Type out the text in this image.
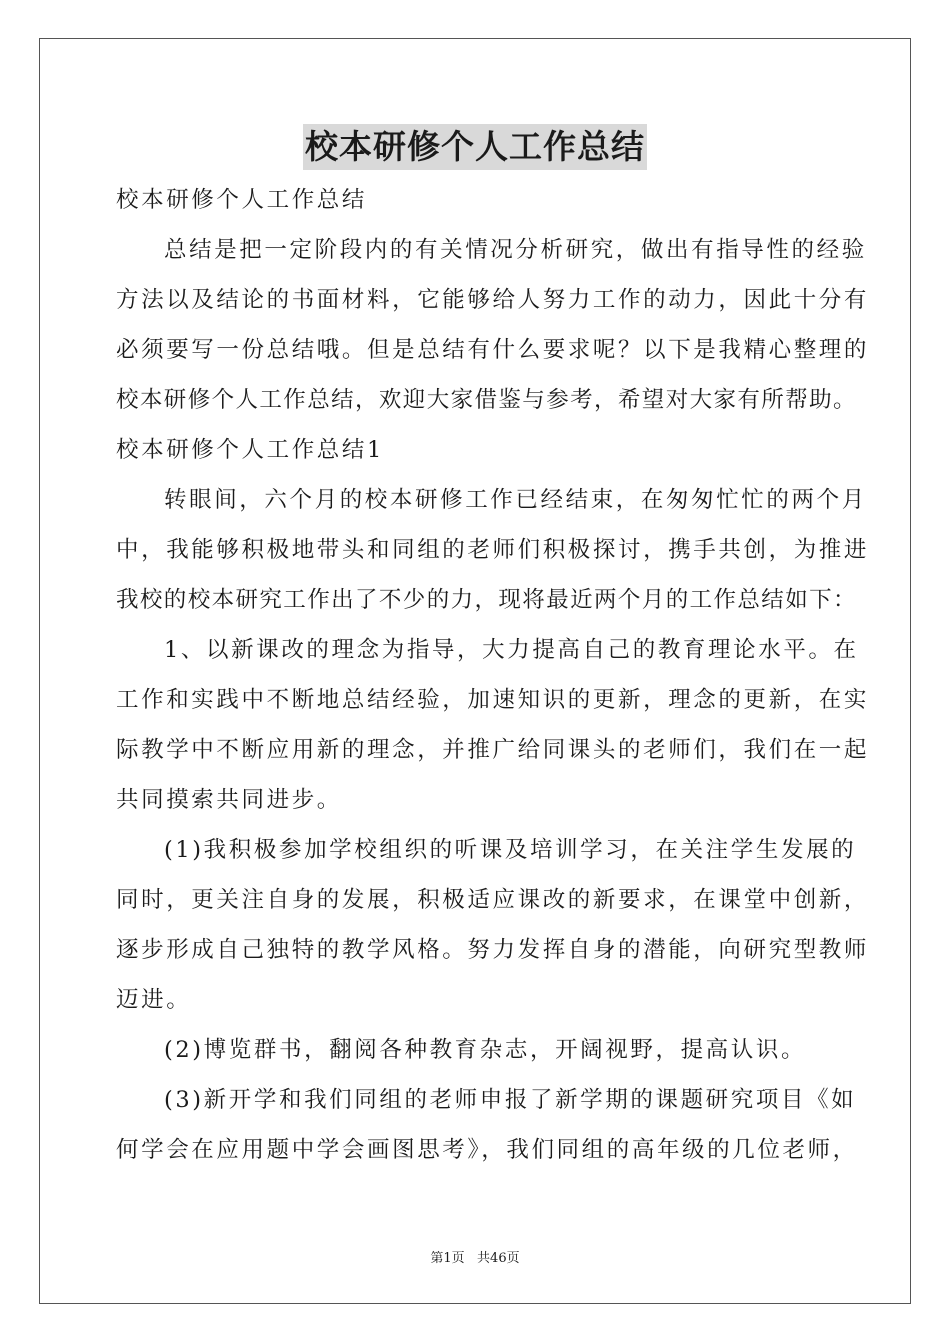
校本研修个人工作总结
校本研修个人工作总结
总结是把一定阶段内的有关情况分析研究，做出有指导性的经验
方法以及结论的书面材料，它能够给人努力工作的动力，因此十分有
必须要写一份总结哦。但是总结有什么要求呢？以下是我精心整理的
校本研修个人工作总结，欢迎大家借鉴与参考，希望对大家有所帮助。
校本研修个人工作总结1
转眼间，六个月的校本研修工作已经结束，在匆匆忙忙的两个月
中，我能够积极地带头和同组的老师们积极探讨，携手共创，为推进
我校的校本研究工作出了不少的力，现将最近两个月的工作总结如下：
1、以新课改的理念为指导，大力提高自己的教育理论水平。在
工作和实践中不断地总结经验，加速知识的更新，理念的更新，在实
际教学中不断应用新的理念，并推广给同课头的老师们，我们在一起
共同摸索共同进步。
(1)我积极参加学校组织的听课及培训学习，在关注学生发展的
同时，更关注自身的发展，积极适应课改的新要求，在课堂中创新，
逐步形成自己独特的教学风格。努力发挥自身的潜能，向研究型教师
迈进。
(2)博览群书，翻阅各种教育杂志，开阔视野，提高认识。
(3)新开学和我们同组的老师申报了新学期的课题研究项目《如
何学会在应用题中学会画图思考》，我们同组的高年级的几位老师，
第1页   共46页
